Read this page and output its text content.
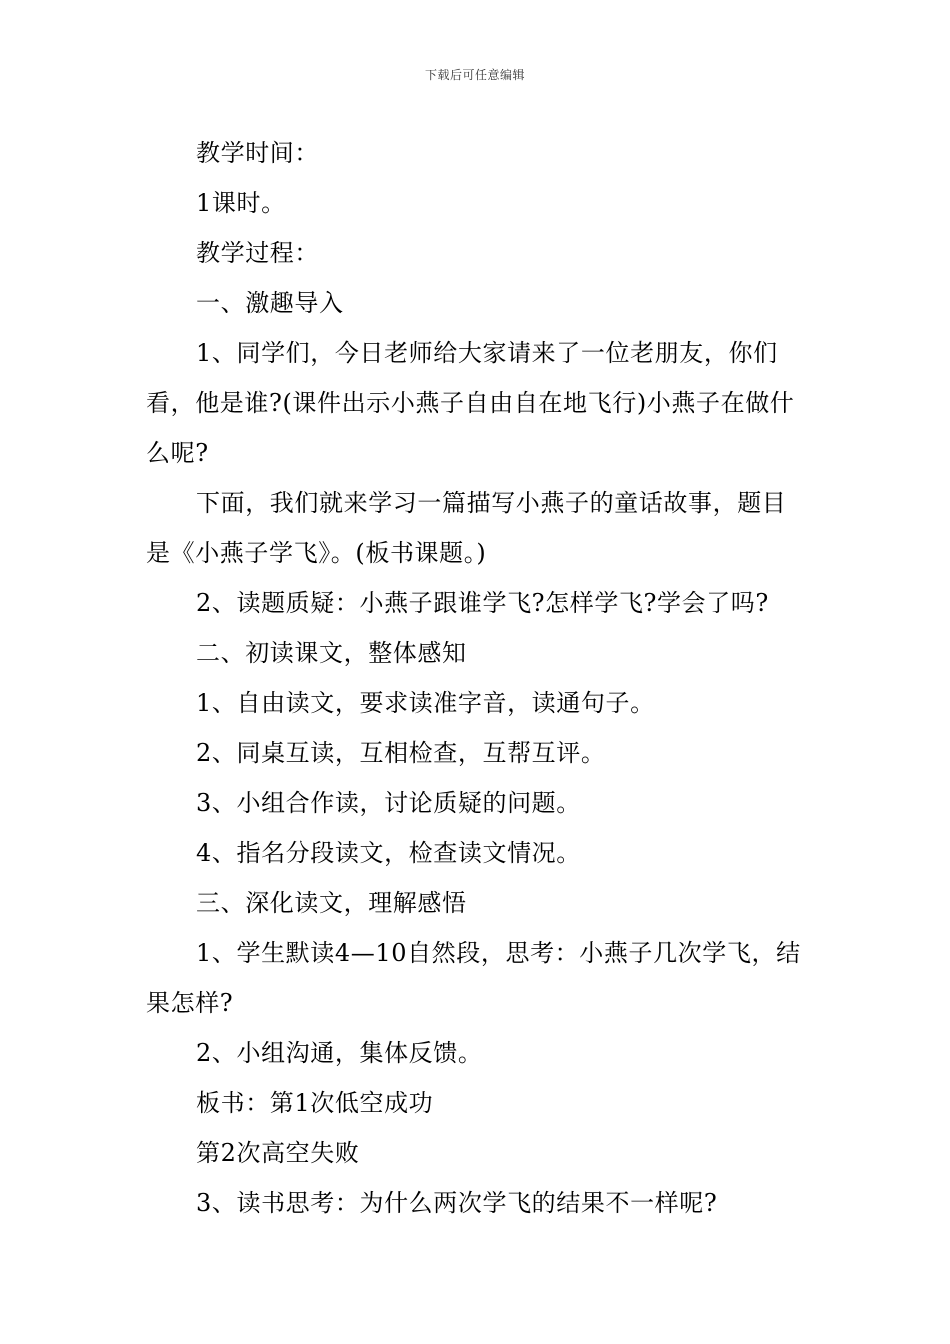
下载后可任意编辑

教学时间：

1课时。

教学过程：

一、激趣导入

1、同学们，今日老师给大家请来了一位老朋友，你们看，他是谁?(课件出示小燕子自由自在地飞行)小燕子在做什么呢?

下面，我们就来学习一篇描写小燕子的童话故事，题目是《小燕子学飞》。(板书课题。)

2、读题质疑：小燕子跟谁学飞?怎样学飞?学会了吗?

二、初读课文，整体感知

1、自由读文，要求读准字音，读通句子。

2、同桌互读，互相检查，互帮互评。

3、小组合作读，讨论质疑的问题。

4、指名分段读文，检查读文情况。

三、深化读文，理解感悟

1、学生默读4—10自然段，思考：小燕子几次学飞，结果怎样?

2、小组沟通，集体反馈。

板书：第1次低空成功

第2次高空失败

3、读书思考：为什么两次学飞的结果不一样呢?
